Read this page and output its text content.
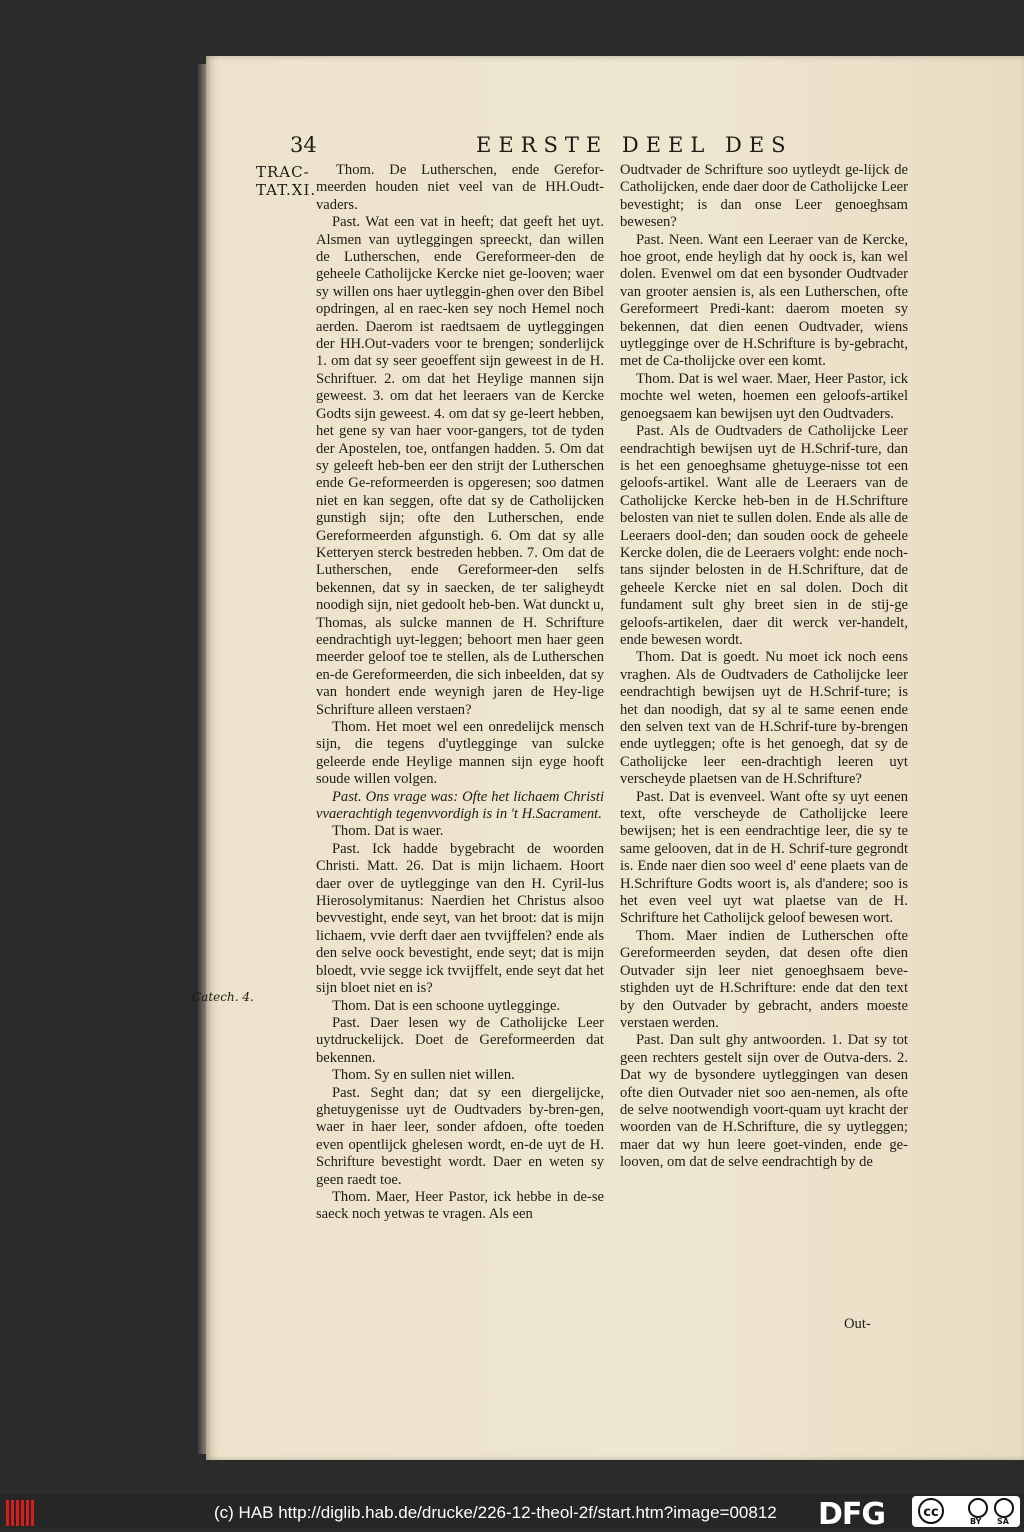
34	EERSTE DEEL DES
TRAC-
TAT.XI.
Catech. 4.

Thom. De Lutherschen, ende Gerefor-meerden houden niet veel van de HH.Oudt-vaders.

Past. Wat een vat in heeft; dat geeft het uyt. Alsmen van uytleggingen spreeckt, dan willen de Lutherschen, ende Gereformeer-den de geheele Catholijcke Kercke niet ge-looven; waer sy willen ons haer uytleggin-ghen over den Bibel opdringen, al en raec-ken sey noch Hemel noch aerden. Daerom ist raedtsaem de uytleggingen der HH.Out-vaders voor te brengen; sonderlijck 1. om dat sy seer geoeffent sijn geweest in de H. Schriftuer. 2. om dat het Heylige mannen sijn geweest. 3. om dat het leeraers van de Kercke Godts sijn geweest. 4. om dat sy ge-leert hebben, het gene sy van haer voor-gangers, tot de tyden der Apostelen, toe, ontfangen hadden. 5. Om dat sy geleeft heb-ben eer den strijt der Lutherschen ende Ge-reformeerden is opgeresen; soo datmen niet en kan seggen, ofte dat sy de Catholijcken gunstigh sijn; ofte den Lutherschen, ende Gereformeerden afgunstigh. 6. Om dat sy alle Ketteryen sterck bestreden hebben. 7. Om dat de Lutherschen, ende Gereformeer-den selfs bekennen, dat sy in saecken, de ter saligheydt noodigh sijn, niet gedoolt heb-ben. Wat dunckt u, Thomas, als sulcke mannen de H. Schrifture eendrachtigh uyt-leggen; behoort men haer geen meerder geloof toe te stellen, als de Lutherschen en-de Gereformeerden, die sich inbeelden, dat sy van hondert ende weynigh jaren de Hey-lige Schrifture alleen verstaen?

Thom. Het moet wel een onredelijck mensch sijn, die tegens d'uytlegginge van sulcke geleerde ende Heylige mannen sijn eyge hooft soude willen volgen.

Past. Ons vrage was: Ofte het lichaem Christi vvaerachtigh tegenvvordigh is in 't H.Sacrament.

Thom. Dat is waer.

Past. Ick hadde bygebracht de woorden Christi. Matt. 26. Dat is mijn lichaem. Hoort daer over de uytlegginge van den H. Cyril-lus Hierosolymitanus: Naerdien het Christus alsoo bevvestight, ende seyt, van het broot: dat is mijn lichaem, vvie derft daer aen tvvijffelen? ende als den selve oock bevestight, ende seyt; dat is mijn bloedt, vvie segge ick tvvijffelt, ende seyt dat het sijn bloet niet en is?

Thom. Dat is een schoone uytlegginge.

Past. Daer lesen wy de Catholijcke Leer uytdruckelijck. Doet de Gereformeerden dat bekennen.

Thom. Sy en sullen niet willen.

Past. Seght dan; dat sy een diergelijcke, ghetuygenisse uyt de Oudtvaders by-bren-gen, waer in haer leer, sonder afdoen, ofte toeden even opentlijck ghelesen wordt, en-de uyt de H. Schrifture bevestight wordt. Daer en weten sy geen raedt toe.

Thom. Maer, Heer Pastor, ick hebbe in de-se saeck noch yetwas te vragen. Als een

Oudtvader de Schrifture soo uytleydt ge-lijck de Catholijcken, ende daer door de Catholijcke Leer bevestight; is dan onse Leer genoeghsam bewesen?

Past. Neen. Want een Leeraer van de Kercke, hoe groot, ende heyligh dat hy oock is, kan wel dolen. Evenwel om dat een bysonder Oudtvader van grooter aensien is, als een Lutherschen, ofte Gereformeert Predi-kant: daerom moeten sy bekennen, dat dien eenen Oudtvader, wiens uytlegginge over de H.Schrifture is by-gebracht, met de Ca-tholijcke over een komt.

Thom. Dat is wel waer. Maer, Heer Pastor, ick mochte wel weten, hoemen een geloofs-artikel genoegsaem kan bewijsen uyt den Oudtvaders.

Past. Als de Oudtvaders de Catholijcke Leer eendrachtigh bewijsen uyt de H.Schrif-ture, dan is het een genoeghsame ghetuyge-nisse tot een geloofs-artikel. Want alle de Leeraers van de Catholijcke Kercke heb-ben in de H.Schrifture belosten van niet te sullen dolen. Ende als alle de Leeraers dool-den; dan souden oock de geheele Kercke dolen, die de Leeraers volght: ende noch-tans sijnder belosten in de H.Schrifture, dat de geheele Kercke niet en sal dolen. Doch dit fundament sult ghy breet sien in de stij-ge geloofs-artikelen, daer dit werck ver-handelt, ende bewesen wordt.

Thom. Dat is goedt. Nu moet ick noch eens vraghen. Als de Oudtvaders de Catholijcke leer eendrachtigh bewijsen uyt de H.Schrif-ture; is het dan noodigh, dat sy al te same eenen ende den selven text van de H.Schrif-ture by-brengen ende uytleggen; ofte is het genoegh, dat sy de Catholijcke leer een-drachtigh leeren uyt verscheyde plaetsen van de H.Schrifture?

Past. Dat is evenveel. Want ofte sy uyt eenen text, ofte verscheyde de Catholijcke leere bewijsen; het is een eendrachtige leer, die sy te same gelooven, dat in de H. Schrif-ture gegrondt is. Ende naer dien soo weel d' eene plaets van de H.Schrifture Godts woort is, als d'andere; soo is het even veel uyt wat plaetse van de H. Schrifture het Catholijck geloof bewesen wort.

Thom. Maer indien de Lutherschen ofte Gereformeerden seyden, dat desen ofte dien Outvader sijn leer niet genoeghsaem beve-stighden uyt de H.Schrifture: ende dat den text by den Outvader by gebracht, anders moeste verstaen werden.

Past. Dan sult ghy antwoorden. 1. Dat sy tot geen rechters gestelt sijn over de Outva-ders. 2. Dat wy de bysondere uytleggingen van desen ofte dien Outvader niet soo aen-nemen, als ofte de selve nootwendigh voort-quam uyt kracht der woorden van de H.Schrifture, die sy uytleggen; maer dat wy hun leere goet-vinden, ende ge-looven, om dat de selve eendrachtigh by de

Out-
(c) HAB http://diglib.hab.de/drucke/226-12-theol-2f/start.htm?image=00812 DFG	cc
BY SA
